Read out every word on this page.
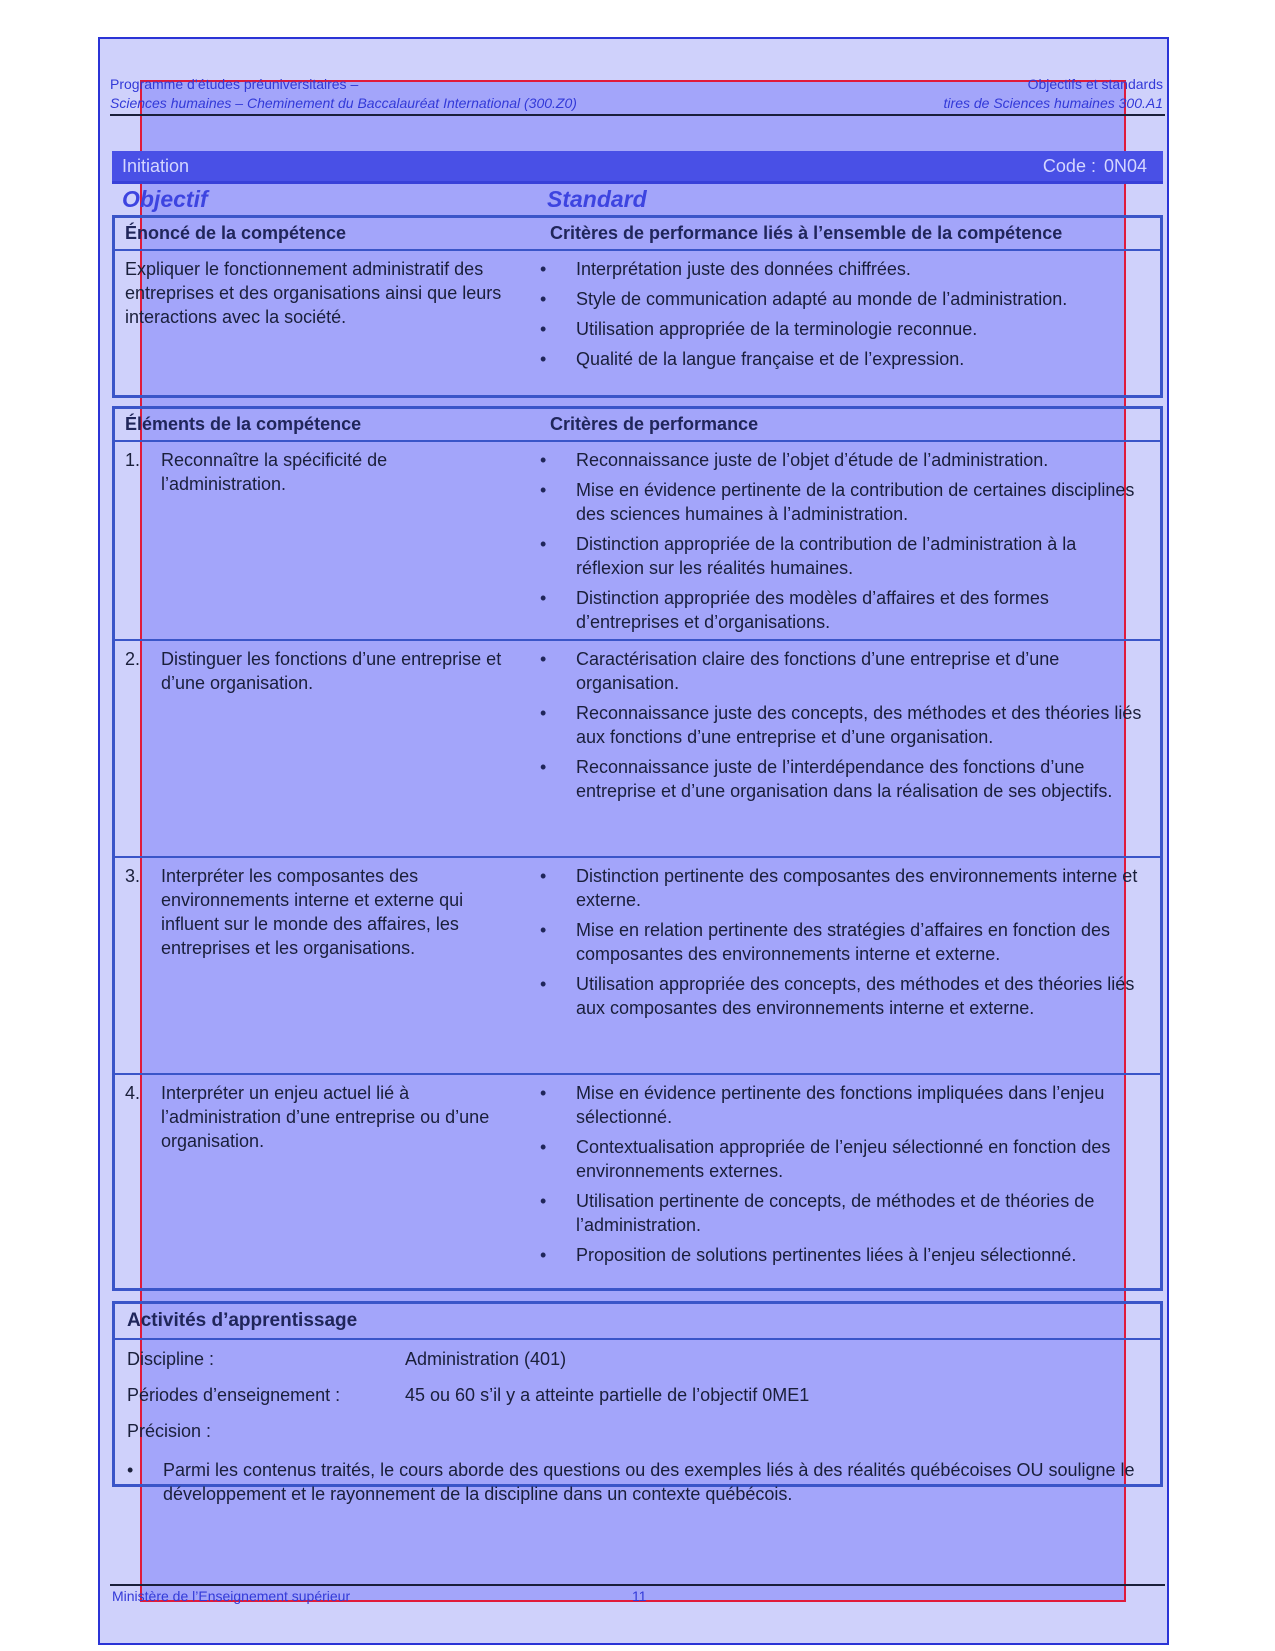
Programme d’études préuniversitaires –	Objectifs et standards
Sciences humaines – Cheminement du Baccalauréat International (300.Z0)	tires de Sciences humaines 300.A1
Initiation	Code : 0N04
Objectif	Standard
Énoncé de la compétence	Critères de performance liés à l’ensemble de la compétence
Expliquer le fonctionnement administratif des entreprises et des organisations ainsi que leurs interactions avec la société.
•	Interprétation juste des données chiffrées.
•	Style de communication adapté au monde de l’administration.
•	Utilisation appropriée de la terminologie reconnue.
•	Qualité de la langue française et de l’expression.
Éléments de la compétence	Critères de performance
1.	Reconnaître la spécificité de l’administration.
•	Reconnaissance juste de l’objet d’étude de l’administration.
•	Mise en évidence pertinente de la contribution de certaines disciplines des sciences humaines à l’administration.
•	Distinction appropriée de la contribution de l’administration à la réflexion sur les réalités humaines.
•	Distinction appropriée des modèles d’affaires et des formes d’entreprises et d’organisations.
2.	Distinguer les fonctions d’une entreprise et d’une organisation.
•	Caractérisation claire des fonctions d’une entreprise et d’une organisation.
•	Reconnaissance juste des concepts, des méthodes et des théories liés aux fonctions d’une entreprise et d’une organisation.
•	Reconnaissance juste de l’interdépendance des fonctions d’une entreprise et d’une organisation dans la réalisation de ses objectifs.
3.	Interpréter les composantes des environnements interne et externe qui influent sur le monde des affaires, les entreprises et les organisations.
•	Distinction pertinente des composantes des environnements interne et externe.
•	Mise en relation pertinente des stratégies d’affaires en fonction des composantes des environnements interne et externe.
•	Utilisation appropriée des concepts, des méthodes et des théories liés aux composantes des environnements interne et externe.
4.	Interpréter un enjeu actuel lié à l’administration d’une entreprise ou d’une organisation.
•	Mise en évidence pertinente des fonctions impliquées dans l’enjeu sélectionné.
•	Contextualisation appropriée de l’enjeu sélectionné en fonction des environnements externes.
•	Utilisation pertinente de concepts, de méthodes et de théories de l’administration.
•	Proposition de solutions pertinentes liées à l’enjeu sélectionné.
Activités d’apprentissage
Discipline :	Administration (401)
Périodes d’enseignement :	45 ou 60 s’il y a atteinte partielle de l’objectif 0ME1
Précision :
•	Parmi les contenus traités, le cours aborde des questions ou des exemples liés à des réalités québécoises OU souligne le développement et le rayonnement de la discipline dans un contexte québécois.
Ministère de l’Enseignement supérieur	11
